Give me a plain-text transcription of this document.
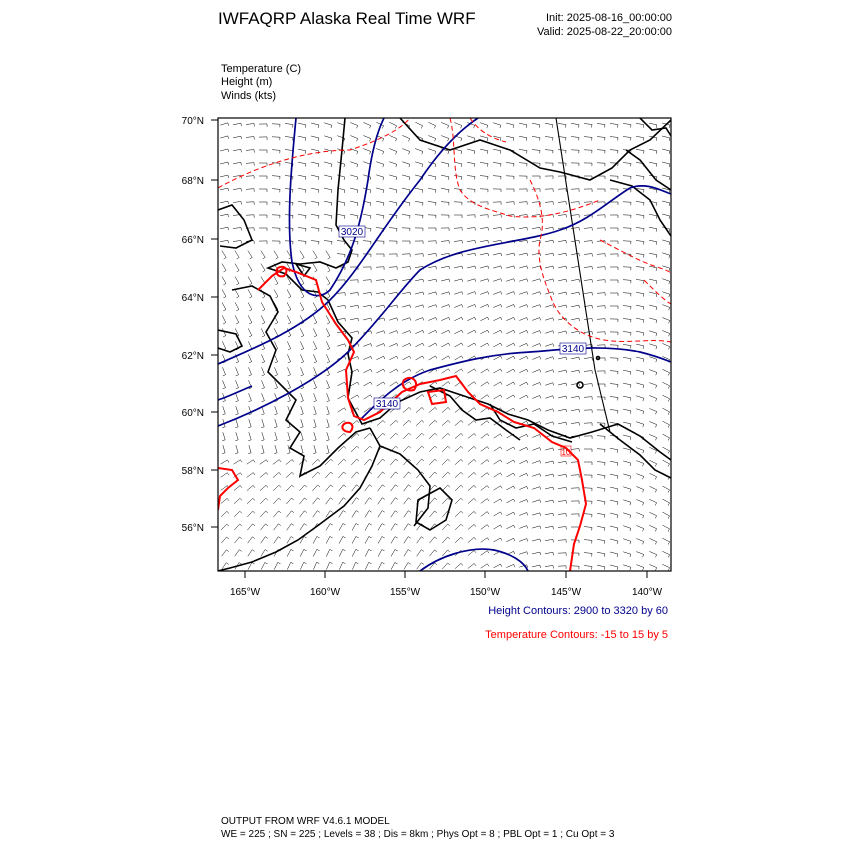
IWFAQRP Alaska Real Time WRF	Init: 2025-08-16_00:00:00
Valid: 2025-08-22_20:00:00
Temperature (C)
Height (m)
Winds (kts)
3020
3140
3140
10
70°N
68°N
66°N
64°N
62°N
60°N
58°N
56°N
165°W	160°W	155°W	150°W	145°W	140°W
Height Contours: 2900 to 3320 by 60
Temperature Contours: -15 to 15 by 5
OUTPUT FROM WRF V4.6.1 MODEL
WE = 225 ; SN = 225 ; Levels = 38 ; Dis = 8km ; Phys Opt = 8 ; PBL Opt = 1 ; Cu Opt = 3
